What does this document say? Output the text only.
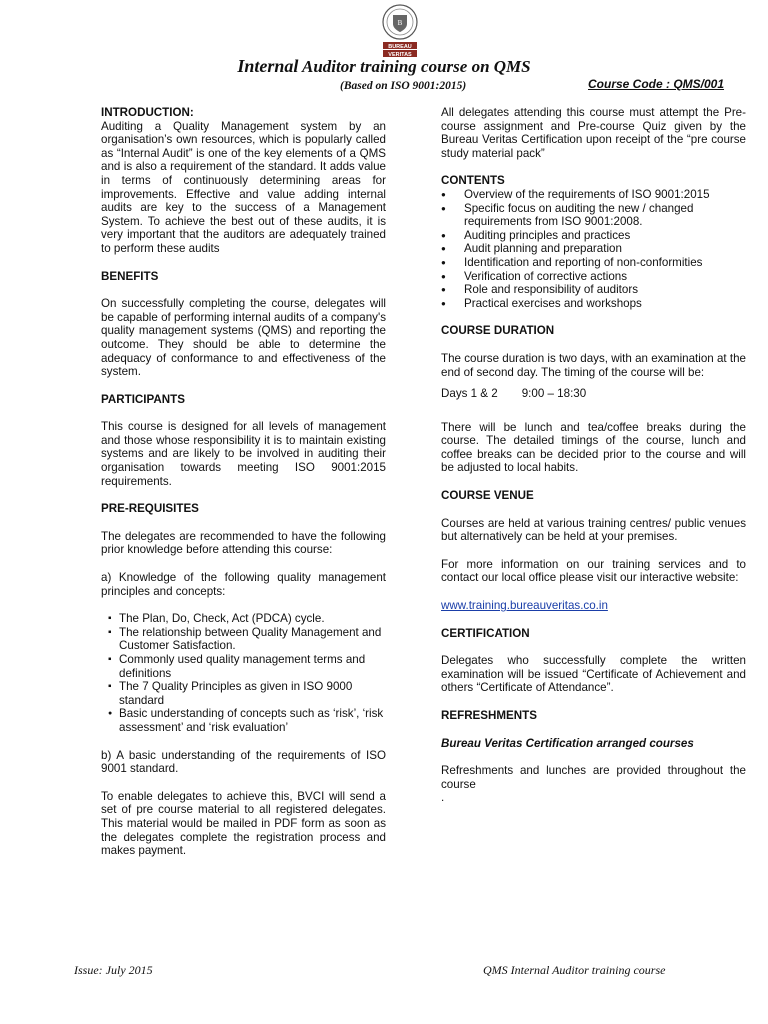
B
BUREAU
VERITAS
Internal Auditor training course on QMS
(Based on ISO 9001:2015)	Course Code : QMS/001
INTRODUCTION:

Auditing a Quality Management system by an organisation’s own resources, which is popularly called as “Internal Audit” is one of the key elements of a QMS and is also a requirement of the standard. It adds value in terms of continuously determining areas for improvements. Effective and value adding internal audits are key to the success of a Management System. To achieve the best out of these audits, it is very important that the auditors are adequately trained to perform these audits

BENEFITS

On successfully completing the course, delegates will be capable of performing internal audits of a company's quality management systems (QMS) and reporting the outcome. They should be able to determine the adequacy of conformance to and effectiveness of the system.

PARTICIPANTS

This course is designed for all levels of management and those whose responsibility it is to maintain existing systems and are likely to be involved in auditing their organisation towards meeting ISO 9001:2015 requirements.

PRE-REQUISITES

The delegates are recommended to have the following prior knowledge before attending this course:

a) Knowledge of the following quality management principles and concepts:

▪ The Plan, Do, Check, Act (PDCA) cycle.
▪ The relationship between Quality Management and Customer Satisfaction.
▪ Commonly used quality management terms and definitions
▪ The 7 Quality Principles as given in ISO 9000 standard
● Basic understanding of concepts such as ‘risk’, ‘risk assessment’ and ‘risk evaluation’

b) A basic understanding of the requirements of ISO 9001 standard.

To enable delegates to achieve this, BVCI will send a set of pre course material to all registered delegates. This material would be mailed in PDF form as soon as the delegates complete the registration process and makes payment.

All delegates attending this course must attempt the Pre-course assignment and Pre-course Quiz given by the Bureau Veritas Certification upon receipt of the “pre course study material pack”

CONTENTS
● Overview of the requirements of ISO 9001:2015
● Specific focus on auditing the new / changed requirements from ISO 9001:2008.
● Auditing principles and practices
● Audit planning and preparation
● Identification and reporting of non-conformities
● Verification of corrective actions
● Role and responsibility of auditors
● Practical exercises and workshops
COURSE DURATION

The course duration is two days, with an examination at the end of second day. The timing of the course will be:

Days 1 & 2 9:00 – 18:30

There will be lunch and tea/coffee breaks during the course. The detailed timings of the course, lunch and coffee breaks can be decided prior to the course and will be adjusted to local habits.

COURSE VENUE

Courses are held at various training centres/ public venues but alternatively can be held at your premises.

For more information on our training services and to contact our local office please visit our interactive website:

www.training.bureauveritas.co.in

CERTIFICATION

Delegates who successfully complete the written examination will be issued “Certificate of Achievement and others “Certificate of Attendance”.

REFRESHMENTS

Bureau Veritas Certification arranged courses

Refreshments and lunches are provided throughout the course

.

Issue: July 2015	QMS Internal Auditor training course
